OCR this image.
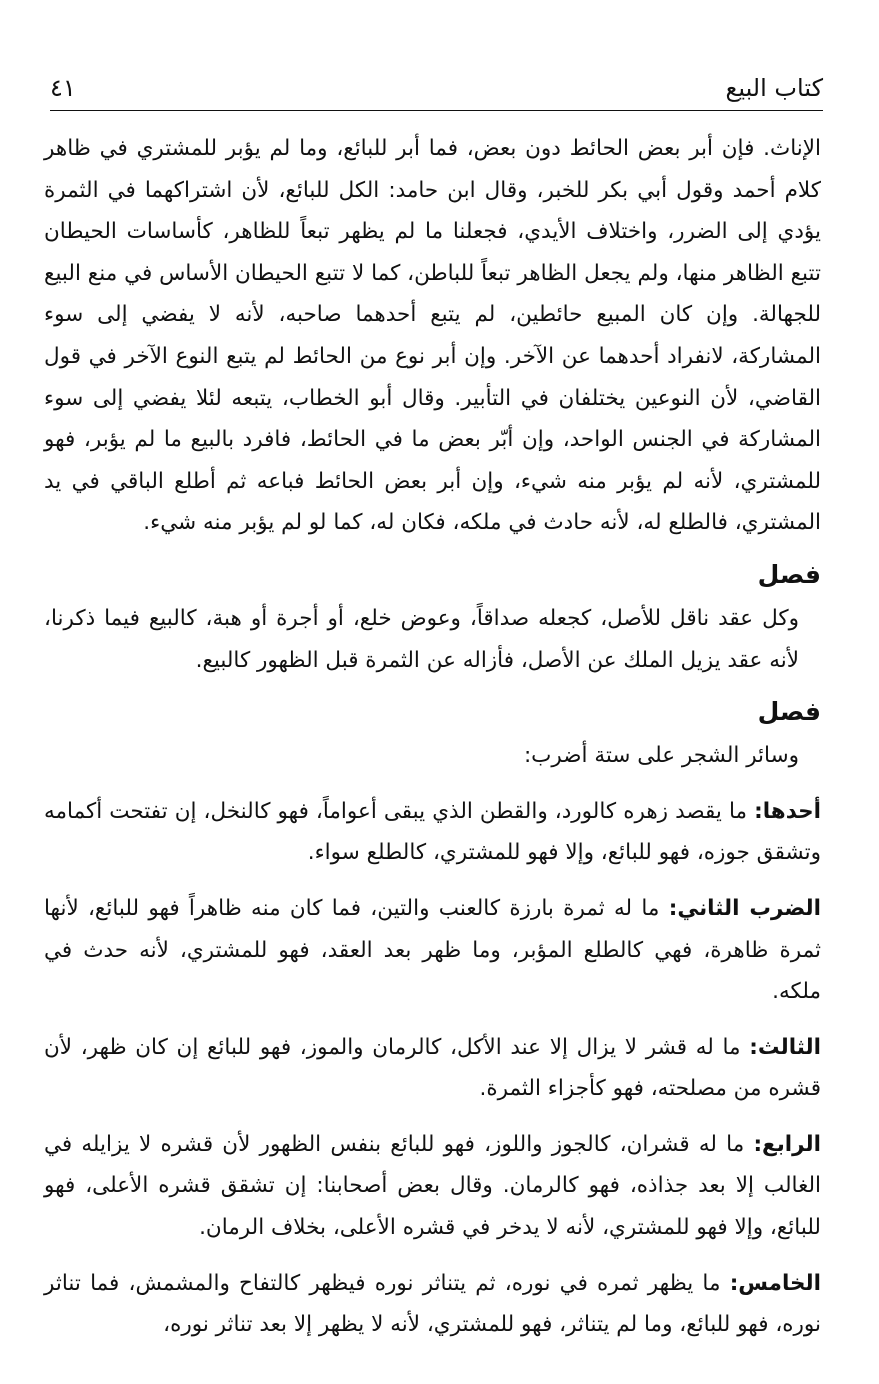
كتاب البيع
٤١

الإناث. فإن أبر بعض الحائط دون بعض، فما أبر للبائع، وما لم يؤبر للمشتري في ظاهر كلام أحمد وقول أبي بكر للخبر، وقال ابن حامد: الكل للبائع، لأن اشتراكهما في الثمرة يؤدي إلى الضرر، واختلاف الأيدي، فجعلنا ما لم يظهر تبعاً للظاهر، كأساسات الحيطان تتبع الظاهر منها، ولم يجعل الظاهر تبعاً للباطن، كما لا تتبع الحيطان الأساس في منع البيع للجهالة. وإن كان المبيع حائطين، لم يتبع أحدهما صاحبه، لأنه لا يفضي إلى سوء المشاركة، لانفراد أحدهما عن الآخر. وإن أبر نوع من الحائط لم يتبع النوع الآخر في قول القاضي، لأن النوعين يختلفان في التأبير. وقال أبو الخطاب، يتبعه لئلا يفضي إلى سوء المشاركة في الجنس الواحد، وإن أبّر بعض ما في الحائط، فافرد بالبيع ما لم يؤبر، فهو للمشتري، لأنه لم يؤبر منه شيء، وإن أبر بعض الحائط فباعه ثم أطلع الباقي في يد المشتري، فالطلع له، لأنه حادث في ملكه، فكان له، كما لو لم يؤبر منه شيء.

فصل

وكل عقد ناقل للأصل، كجعله صداقاً، وعوض خلع، أو أجرة أو هبة، كالبيع فيما ذكرنا، لأنه عقد يزيل الملك عن الأصل، فأزاله عن الثمرة قبل الظهور كالبيع.

فصل

وسائر الشجر على ستة أضرب:

أحدها: ما يقصد زهره كالورد، والقطن الذي يبقى أعواماً، فهو كالنخل، إن تفتحت أكمامه وتشقق جوزه، فهو للبائع، وإلا فهو للمشتري، كالطلع سواء.

الضرب الثاني: ما له ثمرة بارزة كالعنب والتين، فما كان منه ظاهراً فهو للبائع، لأنها ثمرة ظاهرة، فهي كالطلع المؤبر، وما ظهر بعد العقد، فهو للمشتري، لأنه حدث في ملكه.

الثالث: ما له قشر لا يزال إلا عند الأكل، كالرمان والموز، فهو للبائع إن كان ظهر، لأن قشره من مصلحته، فهو كأجزاء الثمرة.

الرابع: ما له قشران، كالجوز واللوز، فهو للبائع بنفس الظهور لأن قشره لا يزايله في الغالب إلا بعد جذاذه، فهو كالرمان. وقال بعض أصحابنا: إن تشقق قشره الأعلى، فهو للبائع، وإلا فهو للمشتري، لأنه لا يدخر في قشره الأعلى، بخلاف الرمان.

الخامس: ما يظهر ثمره في نوره، ثم يتناثر نوره فيظهر كالتفاح والمشمش، فما تناثر نوره، فهو للبائع، وما لم يتناثر، فهو للمشتري، لأنه لا يظهر إلا بعد تناثر نوره،
